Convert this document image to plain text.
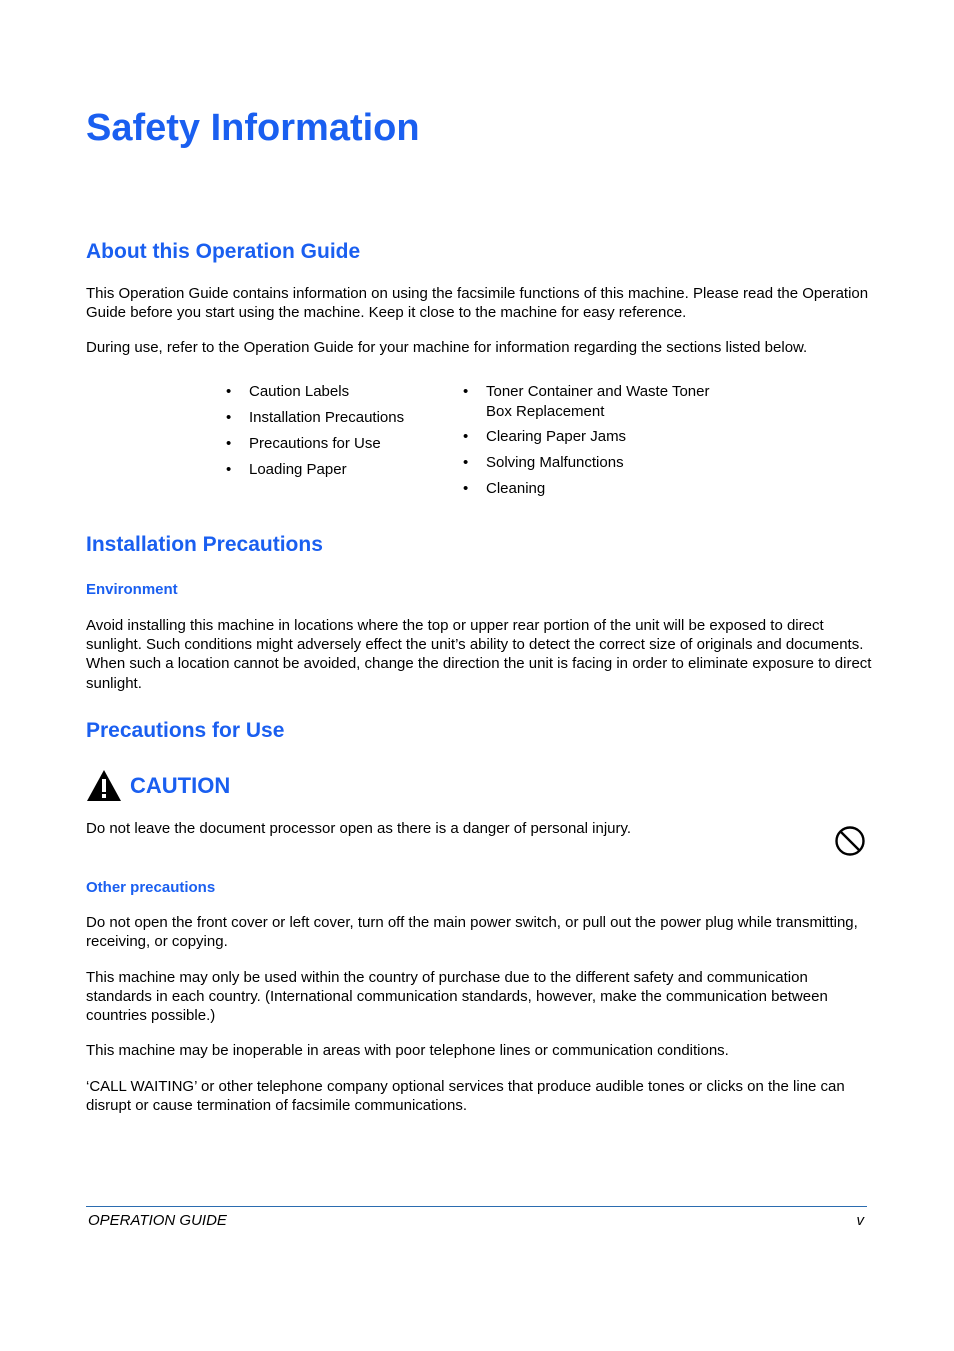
Safety Information
About this Operation Guide

This Operation Guide contains information on using the facsimile functions of this machine. Please read the Operation Guide before you start using the machine. Keep it close to the machine for easy reference.

During use, refer to the Operation Guide for your machine for information regarding the sections listed below.

• Caution Labels
• Installation Precautions
• Precautions for Use
• Loading Paper
• Toner Container and Waste Toner Box Replacement
• Clearing Paper Jams
• Solving Malfunctions
• Cleaning
Installation Precautions
Environment

Avoid installing this machine in locations where the top or upper rear portion of the unit will be exposed to direct sunlight. Such conditions might adversely effect the unit’s ability to detect the correct size of originals and documents. When such a location cannot be avoided, change the direction the unit is facing in order to eliminate exposure to direct sunlight.

Precautions for Use
CAUTION

Do not leave the document processor open as there is a danger of personal injury.

Other precautions

Do not open the front cover or left cover, turn off the main power switch, or pull out the power plug while transmitting, receiving, or copying.

This machine may only be used within the country of purchase due to the different safety and communication standards in each country. (International communication standards, however, make the communication between countries possible.)

This machine may be inoperable in areas with poor telephone lines or communication conditions.

‘CALL WAITING’ or other telephone company optional services that produce audible tones or clicks on the line can disrupt or cause termination of facsimile communications.

OPERATION GUIDE	v
